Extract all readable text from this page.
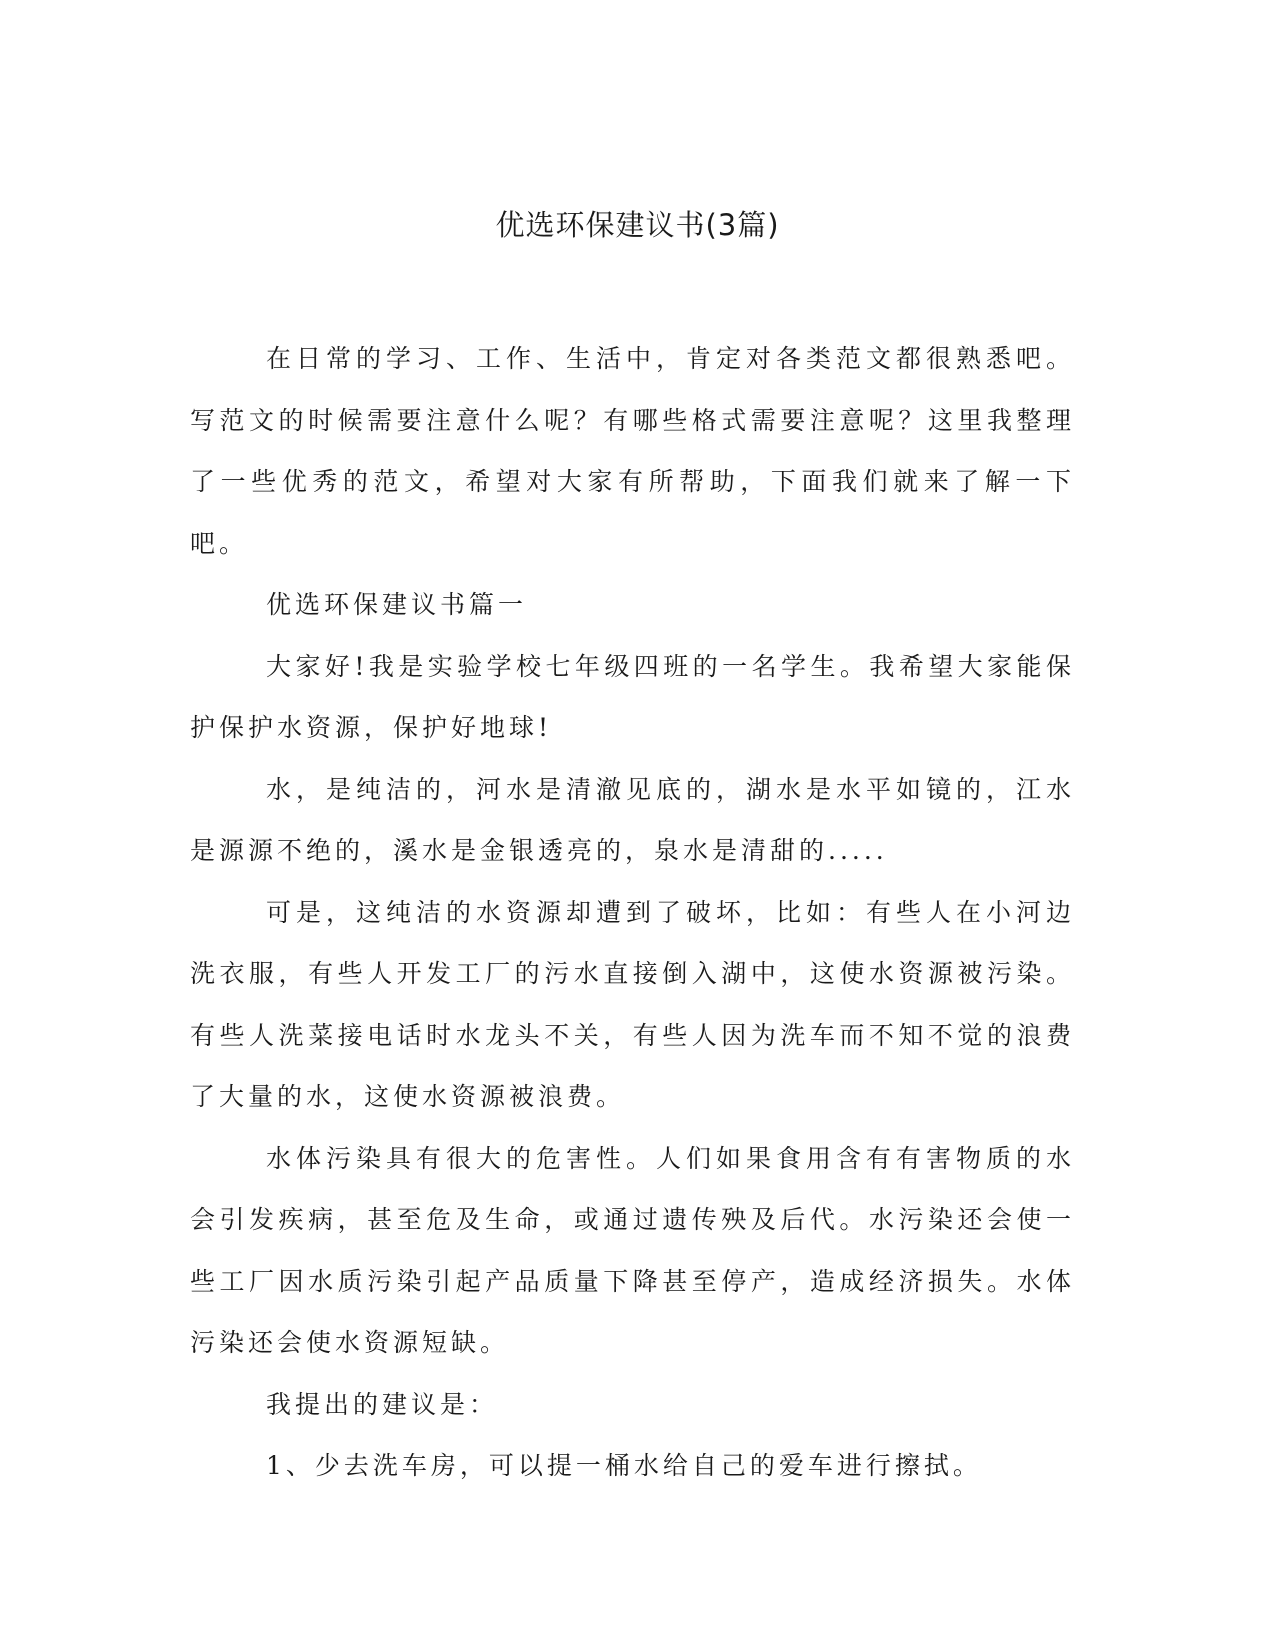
优选环保建议书(3篇)

在日常的学习、工作、生活中，肯定对各类范文都很熟悉吧。写范文的时候需要注意什么呢？有哪些格式需要注意呢？这里我整理了一些优秀的范文，希望对大家有所帮助，下面我们就来了解一下吧。

优选环保建议书篇一

大家好!我是实验学校七年级四班的一名学生。我希望大家能保护保护水资源，保护好地球!

水，是纯洁的，河水是清澈见底的，湖水是水平如镜的，江水是源源不绝的，溪水是金银透亮的，泉水是清甜的.....

可是，这纯洁的水资源却遭到了破坏，比如：有些人在小河边洗衣服，有些人开发工厂的污水直接倒入湖中，这使水资源被污染。有些人洗菜接电话时水龙头不关，有些人因为洗车而不知不觉的浪费了大量的水，这使水资源被浪费。

水体污染具有很大的危害性。人们如果食用含有有害物质的水会引发疾病，甚至危及生命，或通过遗传殃及后代。水污染还会使一些工厂因水质污染引起产品质量下降甚至停产，造成经济损失。水体污染还会使水资源短缺。

我提出的建议是：

1、少去洗车房，可以提一桶水给自己的爱车进行擦拭。
